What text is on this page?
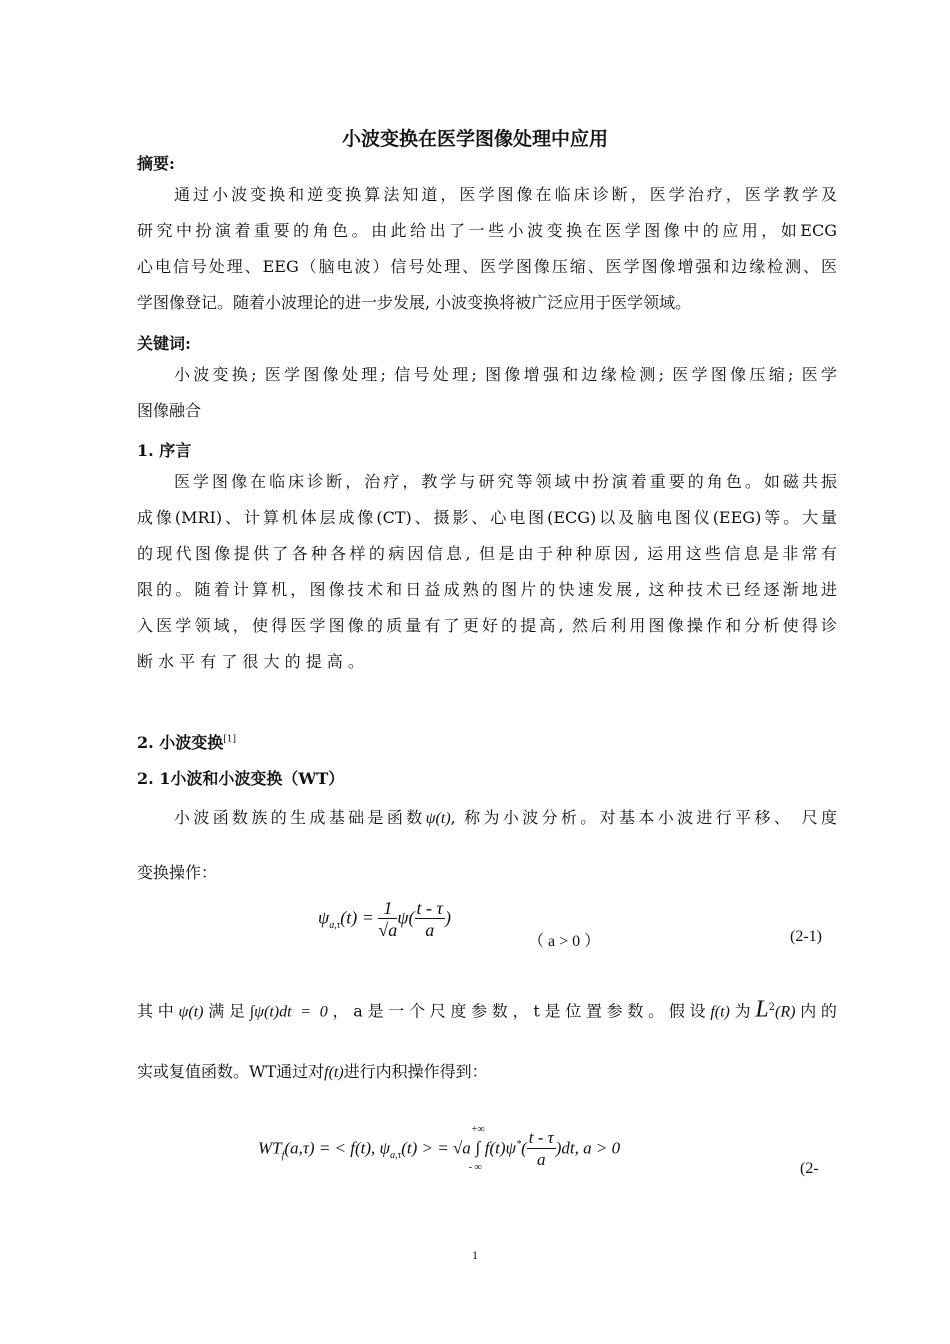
小波变换在医学图像处理中应用
摘要:

通过小波变换和逆变换算法知道，医学图像在临床诊断，医学治疗，医学教学及

研究中扮演着重要的角色。由此给出了一些小波变换在医学图像中的应用，如ECG

心电信号处理、EEG（脑电波）信号处理、医学图像压缩、医学图像增强和边缘检测、医

学图像登记。随着小波理论的进一步发展, 小波变换将被广泛应用于医学领域。

关键词:

小波变换; 医学图像处理; 信号处理; 图像增强和边缘检测; 医学图像压缩; 医学

图像融合

1. 序言

医学图像在临床诊断，治疗，教学与研究等领域中扮演着重要的角色。如磁共振

成像(MRI)、计算机体层成像(CT)、摄影、心电图(ECG)以及脑电图仪(EEG)等。大量

的现代图像提供了各种各样的病因信息, 但是由于种种原因, 运用这些信息是非常有

限的。随着计算机，图像技术和日益成熟的图片的快速发展, 这种技术已经逐渐地进

入医学领域，使得医学图像的质量有了更好的提高, 然后利用图像操作和分析使得诊

断 水 平 有 了 很 大 的 提 高 。

2. 小波变换[1]
2. 1小波和小波变换（WT）

小波函数族的生成基础是函数ψ(t), 称为小波分析。对基本小波进行平移、 尺度

变换操作：
$\psi_{a,\tau}(t) = \frac{1}{√a} \psi( \frac{t - \tau}{a}$ )
（ a > 0 ）	(2-1)

其中ψ(t)满足∫ψ(t)dt = 0，a是一个尺度参数，t是位置参数。假设f(t)为$L^2(R)$内的

实或复值函数。WT通过对f(t)进行内积操作得到：
$WT_f(a,\tau)$ = < f(t), $\psi_{a,\tau}(t)$ > = √a ∫
+∞
- ∞
$f(t)\psi^*( \frac{t - \tau}{a} )dt$, a > 0
(2-
1
